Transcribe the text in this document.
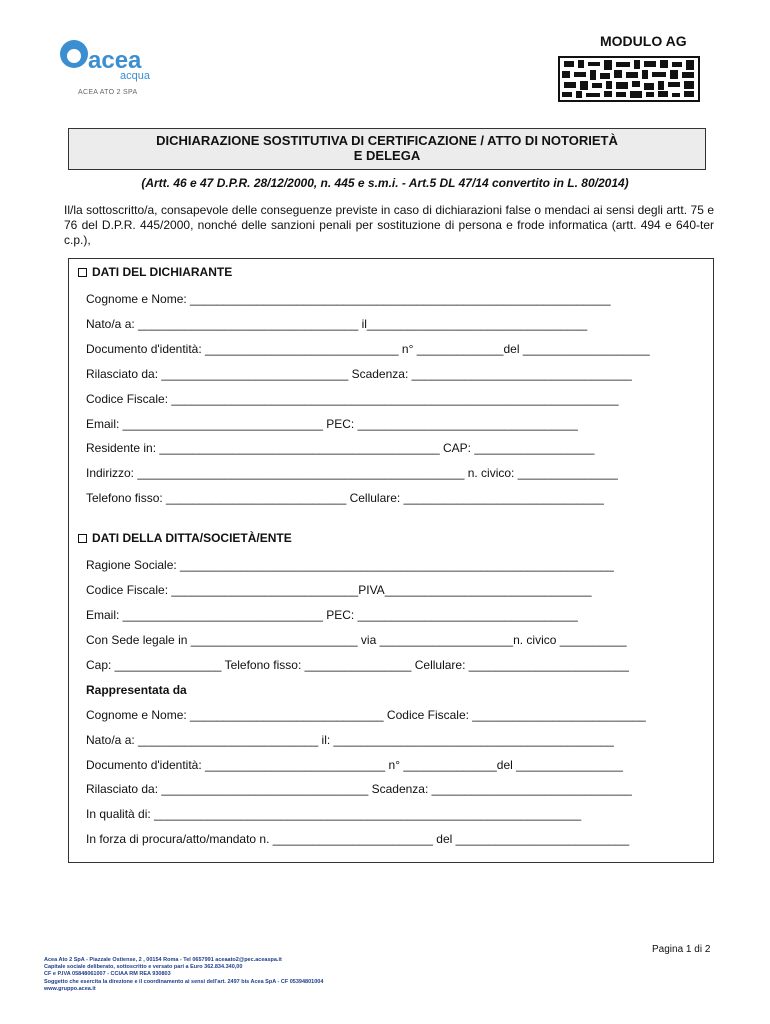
acea
acqua
ACEA ATO 2 SPA
MODULO AG
DICHIARAZIONE SOSTITUTIVA DI CERTIFICAZIONE / ATTO DI NOTORIETÀ
E DELEGA
(Artt. 46 e 47 D.P.R. 28/12/2000, n. 445 e s.m.i. - Art.5 DL 47/14 convertito in L. 80/2014)
Il/la sottoscritto/a, consapevole delle conseguenze previste in caso di dichiarazioni false o mendaci ai sensi degli artt. 75 e 76 del D.P.R. 445/2000, nonché delle sanzioni penali per sostituzione di persona e frode informatica (artt. 494 e 640-ter c.p.),
DATI DEL DICHIARANTE
Cognome e Nome: _______________________________________________________________
Nato/a a: _________________________________ il_________________________________
Documento d'identità: _____________________________ n° _____________del ___________________
Rilasciato da: ____________________________ Scadenza: _________________________________
Codice Fiscale: ___________________________________________________________________
Email: ______________________________ PEC: _________________________________
Residente in: __________________________________________ CAP: __________________
Indirizzo: _________________________________________________ n. civico: _______________
Telefono fisso: ___________________________ Cellulare: ______________________________
DATI DELLA DITTA/SOCIETÀ/ENTE
Ragione Sociale: _________________________________________________________________
Codice Fiscale: ____________________________PIVA_______________________________
Email: ______________________________ PEC: _________________________________
Con Sede legale in _________________________ via ____________________n. civico __________
Cap: ________________ Telefono fisso: ________________ Cellulare: ________________________
Rappresentata da
Cognome e Nome: _____________________________ Codice Fiscale: __________________________
Nato/a a: ___________________________ il: __________________________________________
Documento d'identità: ___________________________ n° ______________del ________________
Rilasciato da: _______________________________ Scadenza: ______________________________
In qualità di: ________________________________________________________________
In forza di procura/atto/mandato n. ________________________ del __________________________
Pagina 1 di 2
Acea Ato 2 SpA - Piazzale Ostiense, 2 , 00154 Roma - Tel 0657991 aceaato2@pec.aceaspa.it
Capitale sociale deliberato, sottoscritto e versato pari a Euro 362.834.340,00
CF e P.IVA 05848061007 - CCIAA RM REA 930803
Soggetto che esercita la direzione e il coordinamento ai sensi dell'art. 2497 bis Acea SpA - CF 05394801004
www.gruppo.acea.it
